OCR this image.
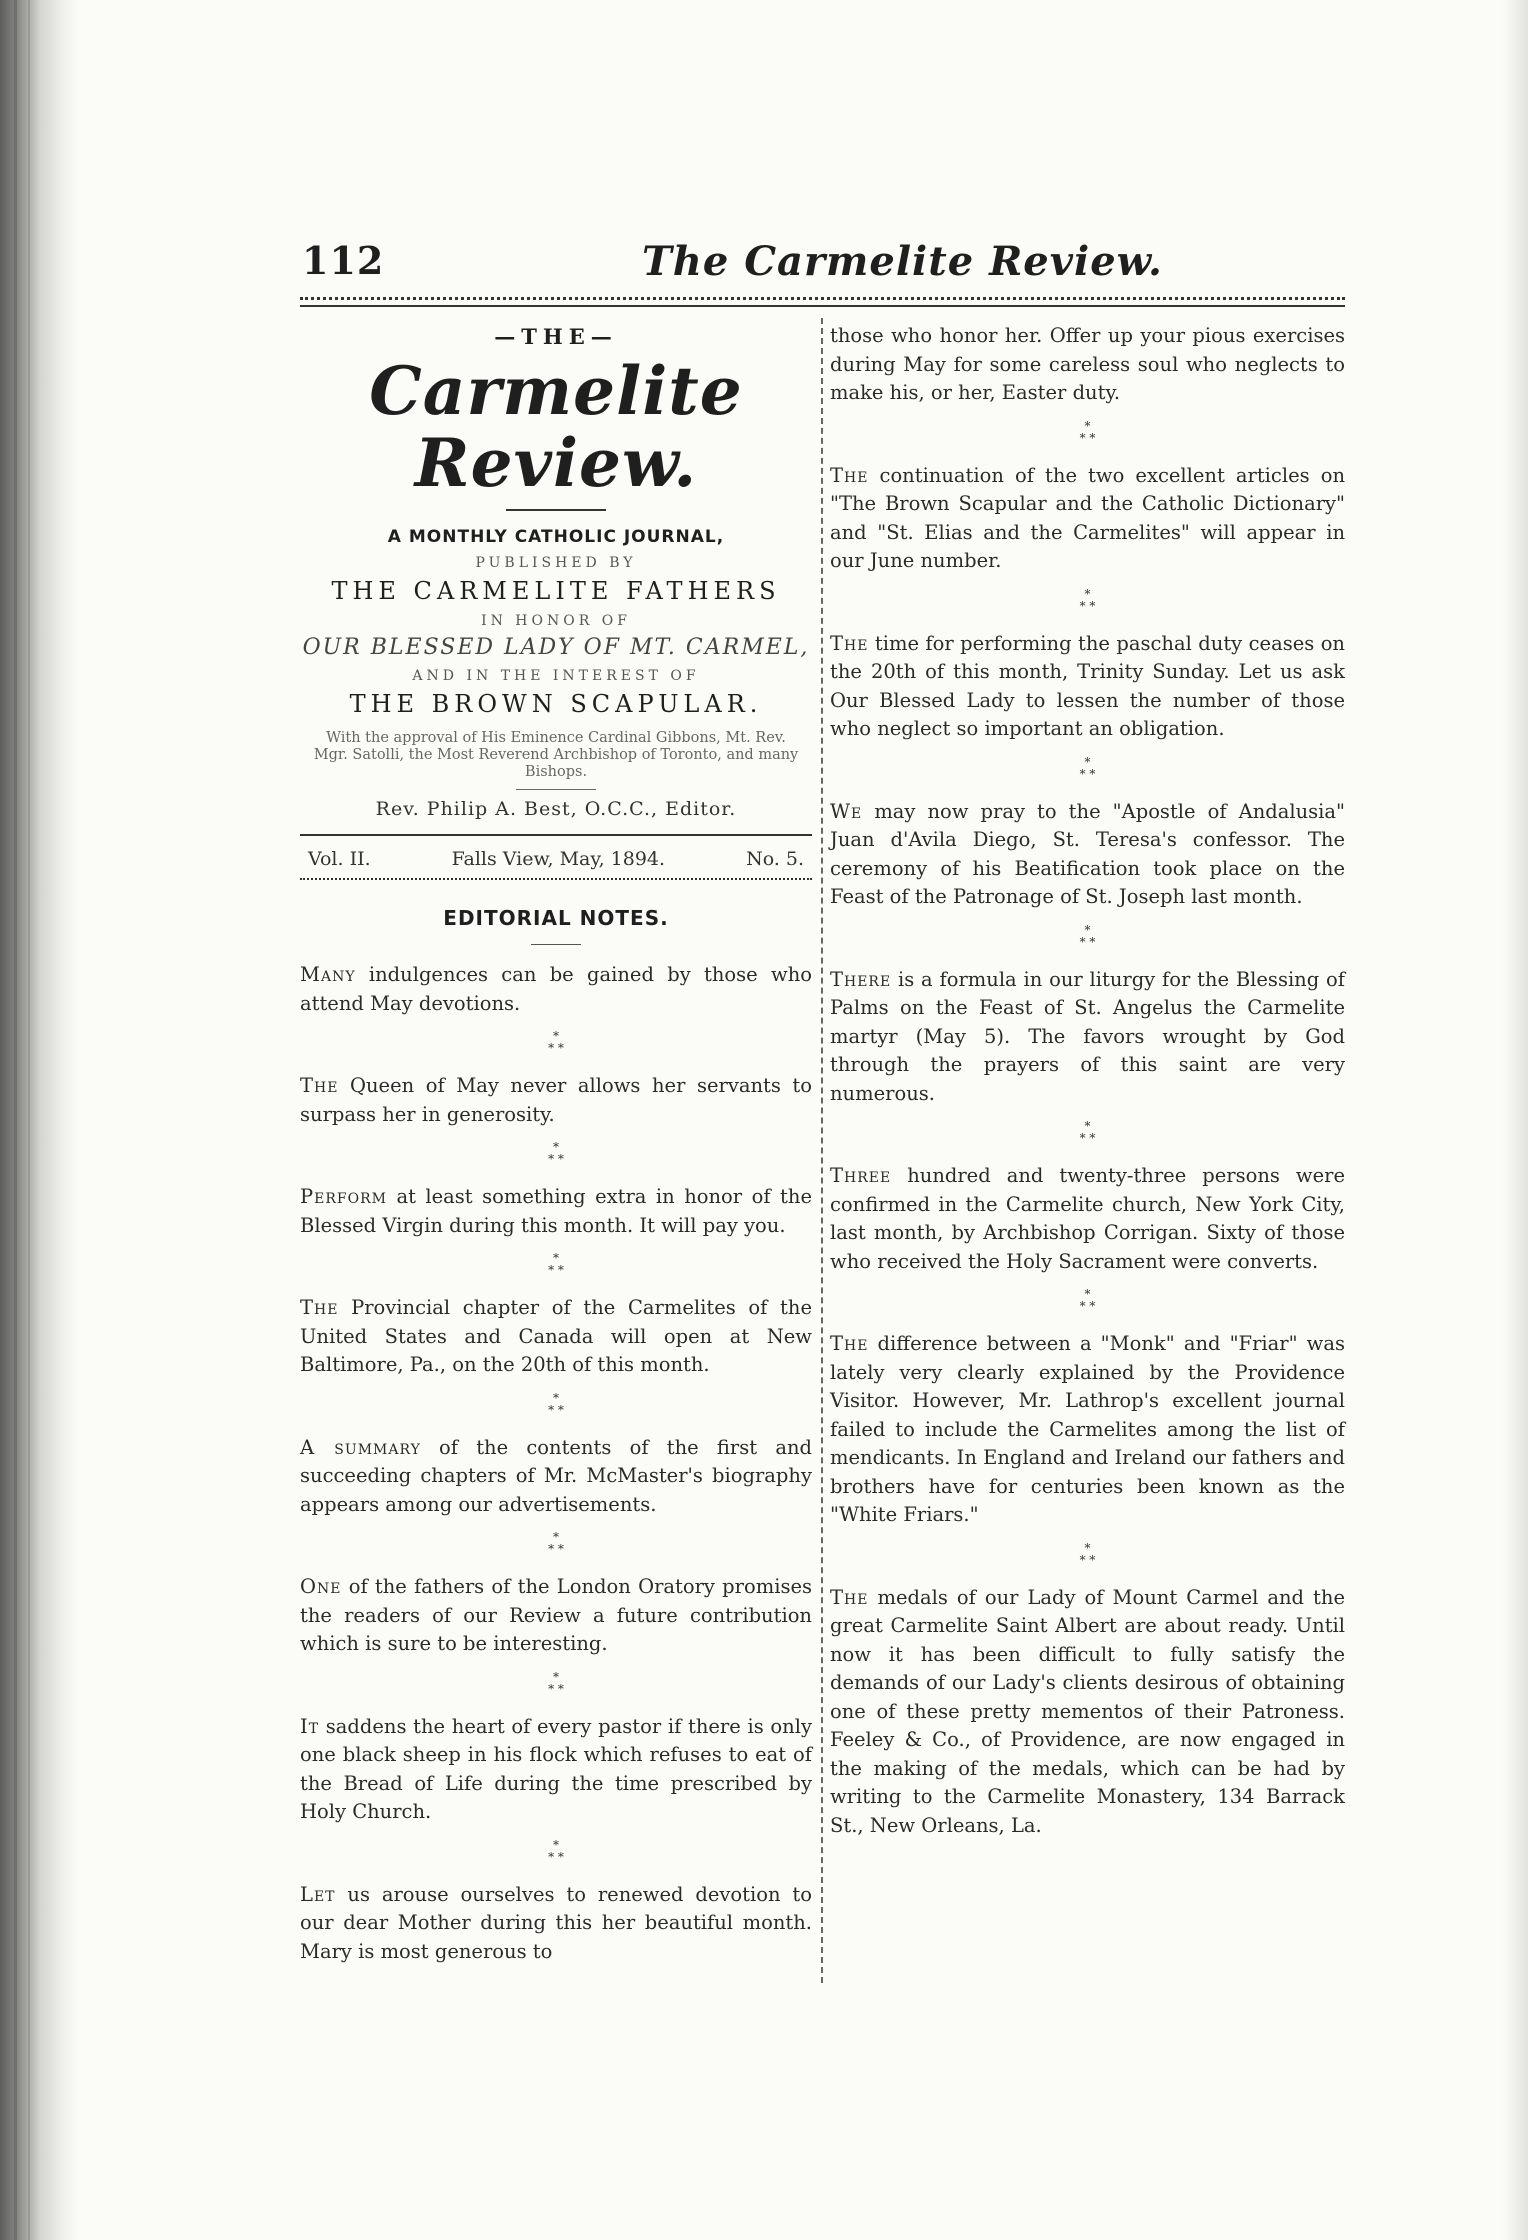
112	The Carmelite Review.
—THE—
Carmelite Review.
A MONTHLY CATHOLIC JOURNAL,
PUBLISHED BY
THE CARMELITE FATHERS
IN HONOR OF
OUR BLESSED LADY OF MT. CARMEL,
AND IN THE INTEREST OF
THE BROWN SCAPULAR.
With the approval of His Eminence Cardinal Gibbons, Mt. Rev. Mgr. Satolli, the Most Reverend Archbishop of Toronto, and many Bishops.
Rev. Philip A. Best, O.C.C., Editor.
Vol. II.	Falls View, May, 1894.	No. 5.
EDITORIAL NOTES.

Many indulgences can be gained by those who attend May devotions.

*
* *

The Queen of May never allows her servants to surpass her in generosity.

*
* *

Perform at least something extra in honor of the Blessed Virgin during this month. It will pay you.

*
* *

The Provincial chapter of the Carmelites of the United States and Canada will open at New Baltimore, Pa., on the 20th of this month.

*
* *

A summary of the contents of the first and succeeding chapters of Mr. McMaster's biography appears among our advertisements.

*
* *

One of the fathers of the London Oratory promises the readers of our Review a future contribution which is sure to be interesting.

*
* *

It saddens the heart of every pastor if there is only one black sheep in his flock which refuses to eat of the Bread of Life during the time prescribed by Holy Church.

*
* *

Let us arouse ourselves to renewed devotion to our dear Mother during this her beautiful month. Mary is most generous to

those who honor her. Offer up your pious exercises during May for some careless soul who neglects to make his, or her, Easter duty.

*
* *

The continuation of the two excellent articles on "The Brown Scapular and the Catholic Dictionary" and "St. Elias and the Carmelites" will appear in our June number.

*
* *

The time for performing the paschal duty ceases on the 20th of this month, Trinity Sunday. Let us ask Our Blessed Lady to lessen the number of those who neglect so important an obligation.

*
* *

We may now pray to the "Apostle of Andalusia" Juan d'Avila Diego, St. Teresa's confessor. The ceremony of his Beatification took place on the Feast of the Patronage of St. Joseph last month.

*
* *

There is a formula in our liturgy for the Blessing of Palms on the Feast of St. Angelus the Carmelite martyr (May 5). The favors wrought by God through the prayers of this saint are very numerous.

*
* *

Three hundred and twenty-three persons were confirmed in the Carmelite church, New York City, last month, by Archbishop Corrigan. Sixty of those who received the Holy Sacrament were converts.

*
* *

The difference between a "Monk" and "Friar" was lately very clearly explained by the Providence Visitor. However, Mr. Lathrop's excellent journal failed to include the Carmelites among the list of mendicants. In England and Ireland our fathers and brothers have for centuries been known as the "White Friars."

*
* *

The medals of our Lady of Mount Carmel and the great Carmelite Saint Albert are about ready. Until now it has been difficult to fully satisfy the demands of our Lady's clients desirous of obtaining one of these pretty mementos of their Patroness. Feeley & Co., of Providence, are now engaged in the making of the medals, which can be had by writing to the Carmelite Monastery, 134 Barrack St., New Orleans, La.
